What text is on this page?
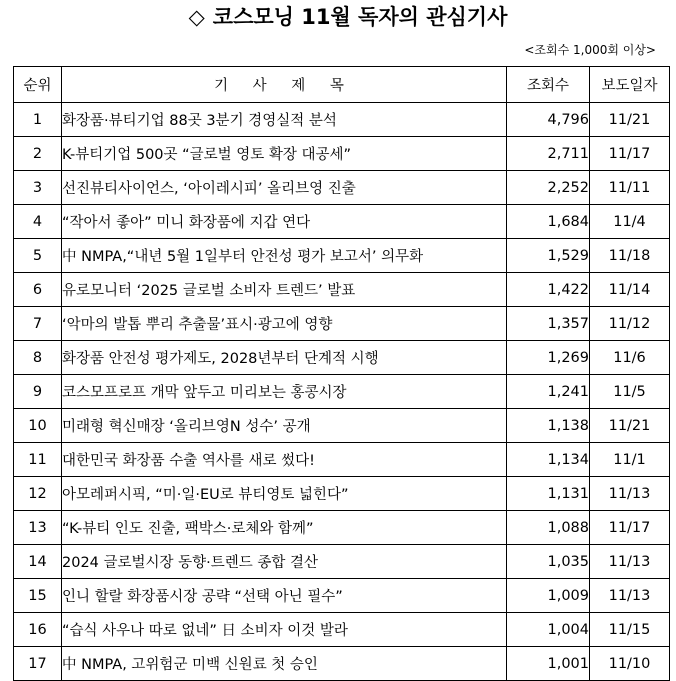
◇ 코스모닝 11월 독자의 관심기사
<조회수 1,000회 이상>
순위	기 사 제 목	조회수	보도일자
1	화장품·뷰티기업 88곳 3분기 경영실적 분석	4,796	11/21
2	K-뷰티기업 500곳 “글로벌 영토 확장 대공세”	2,711	11/17
3	선진뷰티사이언스, ‘아이레시피’ 올리브영 진출	2,252	11/11
4	“작아서 좋아” 미니 화장품에 지갑 연다	1,684	11/4
5	中 NMPA,“내년 5월 1일부터 안전성 평가 보고서’ 의무화	1,529	11/18
6	유로모니터 ‘2025 글로벌 소비자 트렌드’ 발표	1,422	11/14
7	‘악마의 발톱 뿌리 추출물’표시·광고에 영향	1,357	11/12
8	화장품 안전성 평가제도, 2028년부터 단계적 시행	1,269	11/6
9	코스모프로프 개막 앞두고 미리보는 홍콩시장	1,241	11/5
10	미래형 혁신매장 ‘올리브영N 성수’ 공개	1,138	11/21
11	대한민국 화장품 수출 역사를 새로 썼다!	1,134	11/1
12	아모레퍼시픽, “미·일·EU로 뷰티영토 넓힌다”	1,131	11/13
13	“K-뷰티 인도 진출, 팩박스·로체와 함께”	1,088	11/17
14	2024 글로벌시장 동향·트렌드 종합 결산	1,035	11/13
15	인니 할랄 화장품시장 공략 “선택 아닌 필수”	1,009	11/13
16	“습식 사우나 따로 없네” 日 소비자 이것 발라	1,004	11/15
17	中 NMPA, 고위험군 미백 신원료 첫 승인	1,001	11/10
